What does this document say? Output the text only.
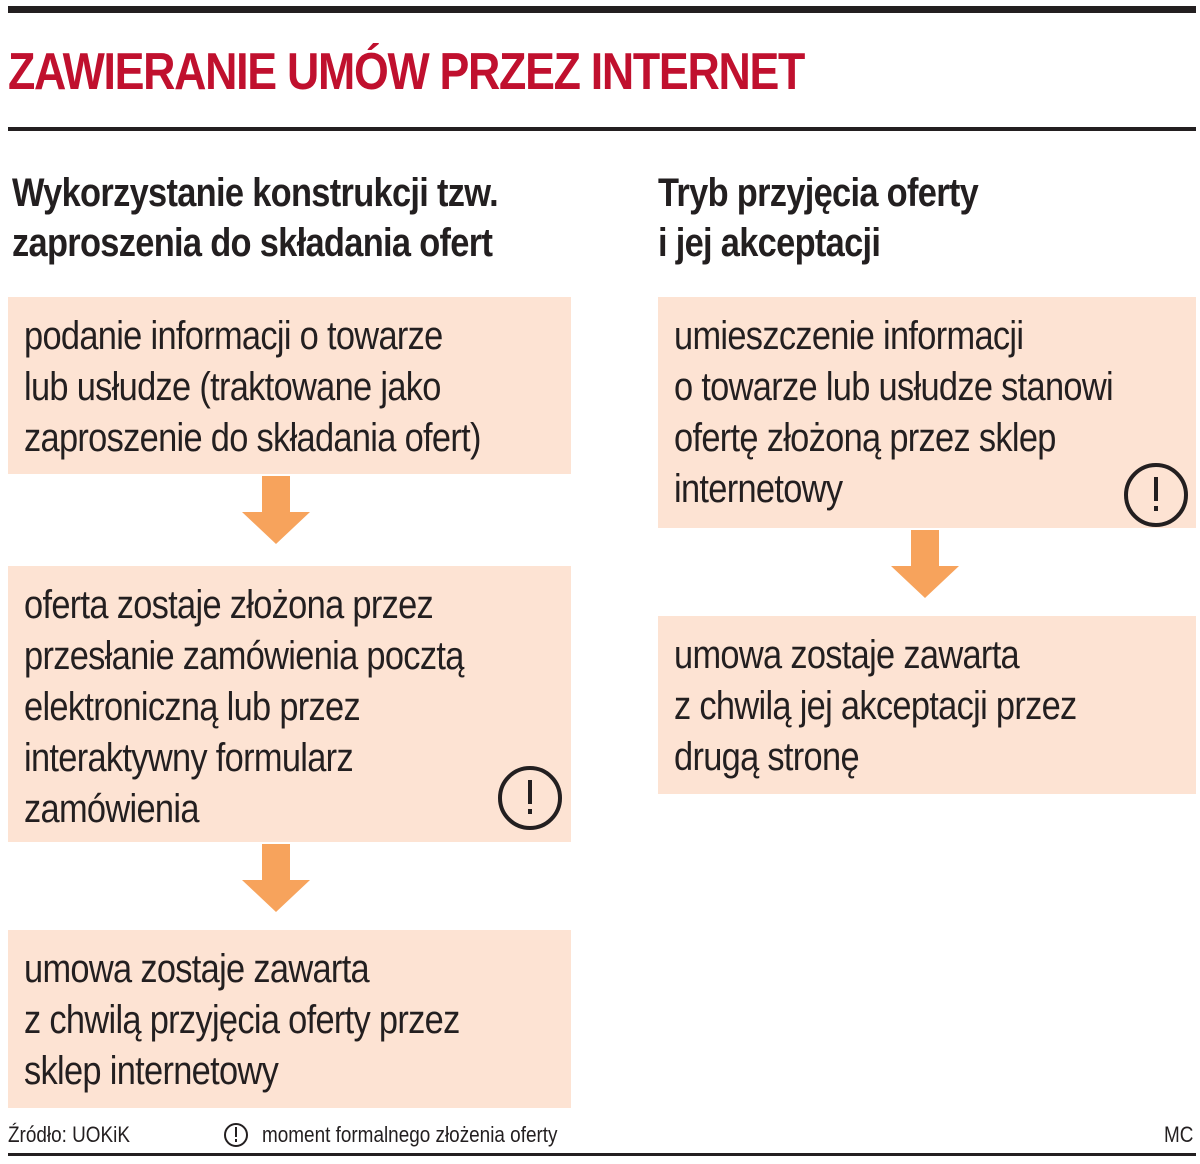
ZAWIERANIE UMÓW PRZEZ INTERNET
Wykorzystanie konstrukcji tzw.
zaproszenia do składania ofert
podanie informacji o towarze
lub usłudze (traktowane jako
zaproszenie do składania ofert)
oferta zostaje złożona przez
przesłanie zamówienia pocztą
elektroniczną lub przez
interaktywny formularz
zamówienia
umowa zostaje zawarta
z chwilą przyjęcia oferty przez
sklep internetowy
Tryb przyjęcia oferty
i jej akceptacji
umieszczenie informacji
o towarze lub usłudze stanowi
ofertę złożoną przez sklep
internetowy
umowa zostaje zawarta
z chwilą jej akceptacji przez
drugą stronę
Źródło: UOKiK	moment formalnego złożenia oferty	MC
